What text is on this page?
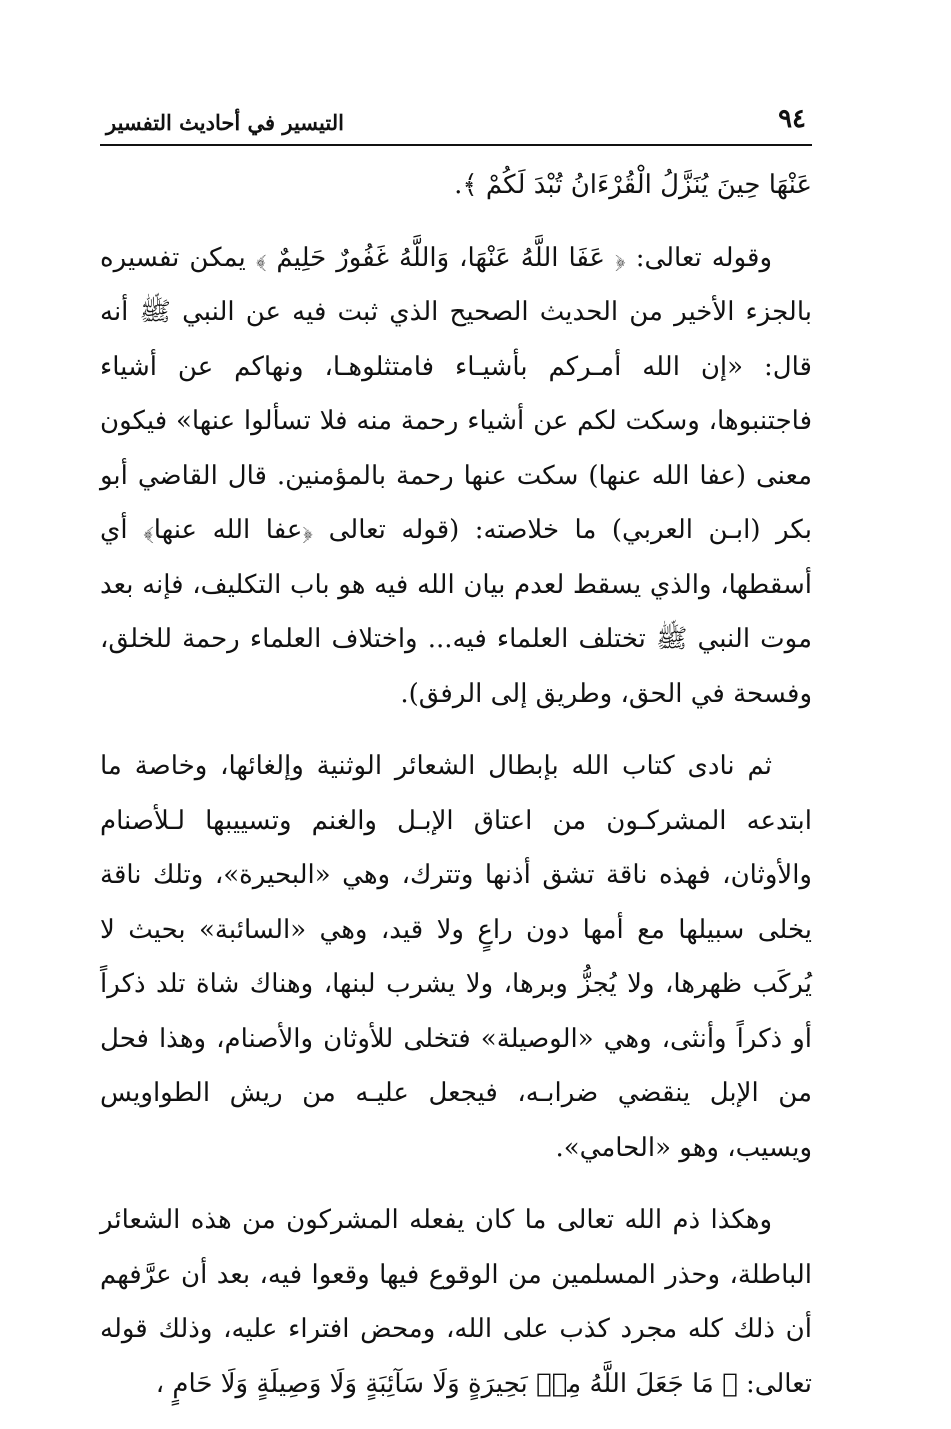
٩٤
التيسير في أحاديث التفسير

عَنْهَا حِينَ يُنَزَّلُ الْقُرْءَانُ تُبْدَ لَكُمْ ﴾.

وقوله تعالى: ﴿ عَفَا اللَّهُ عَنْهَا، وَاللَّهُ غَفُورٌ حَلِيمٌ ﴾ يمكن تفسيره بالجزء الأخير من الحديث الصحيح الذي ثبت فيه عن النبي ﷺ أنه قال: «إن الله أمـركم بأشيـاء فامتثلوهـا، ونهاكم عن أشياء فاجتنبوها، وسكت لكم عن أشياء رحمة منه فلا تسألوا عنها» فيكون معنى (عفا الله عنها) سكت عنها رحمة بالمؤمنين. قال القاضي أبو بكر (ابـن العربي) ما خلاصته: (قوله تعالى ﴿عفا الله عنها﴾ أي أسقطها، والذي يسقط لعدم بيان الله فيه هو باب التكليف، فإنه بعد موت النبي ﷺ تختلف العلماء فيه... واختلاف العلماء رحمة للخلق، وفسحة في الحق، وطريق إلى الرفق).

ثم نادى كتاب الله بإبطال الشعائر الوثنية وإلغائها، وخاصة ما ابتدعه المشركـون من اعتاق الإبـل والغنم وتسييبها لـلأصنام والأوثان، فهذه ناقة تشق أذنها وتترك، وهي «البحيرة»، وتلك ناقة يخلى سبيلها مع أمها دون راعٍ ولا قيد، وهي «السائبة» بحيث لا يُركَب ظهرها، ولا يُجزُّ وبرها، ولا يشرب لبنها، وهناك شاة تلد ذكراً أو ذكراً وأنثى، وهي «الوصيلة» فتخلى للأوثان والأصنام، وهذا فحل من الإبل ينقضي ضرابـه، فيجعل عليـه من ريش الطواويس ويسيب، وهو «الحامي».

وهكذا ذم الله تعالى ما كان يفعله المشركون من هذه الشعائر الباطلة، وحذر المسلمين من الوقوع فيها وقعوا فيه، بعد أن عرَّفهم أن ذلك كله مجرد كذب على الله، ومحض افتراء عليه، وذلك قوله تعالى: ﴿ مَا جَعَلَ اللَّهُ مِنۢ بَحِيرَةٍ وَلَا سَآئِبَةٍ وَلَا وَصِيلَةٍ وَلَا حَامٍ ،
